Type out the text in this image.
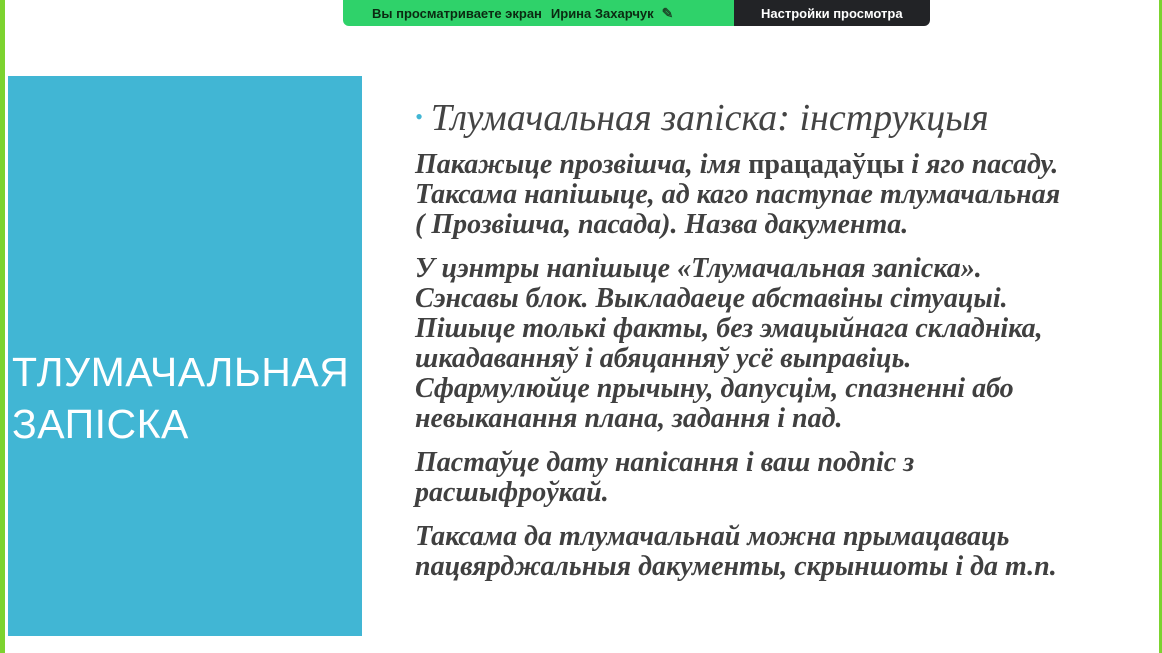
Вы просматриваете экран Ирина Захарчук ✎	Настройки просмотра
ТЛУМАЧАЛЬНАЯ ЗАПІСКА
• Тлумачальная запіска: інструкцыя
Пакажыце прозвішча, імя працадаўцы і яго пасаду.
Таксама напішыце, ад каго паступае тлумачальная
( Прозвішча, пасада). Назва дакумента.
У цэнтры напішыце «Тлумачальная запіска».
Сэнсавы блок. Выкладаеце абставіны сітуацыі.
Пішыце толькі факты, без эмацыйнага складніка,
шкадаванняў і абяцанняў усё выправіць.
Сфармулюйце прычыну, дапусцім, спазненні або
невыканання плана, задання і пад.
Пастаўце дату напісання і ваш подпіс з
расшыфроўкай.
Таксама да тлумачальнай можна прымацаваць
пацвярджальныя дакументы, скрыншоты і да т.п.
